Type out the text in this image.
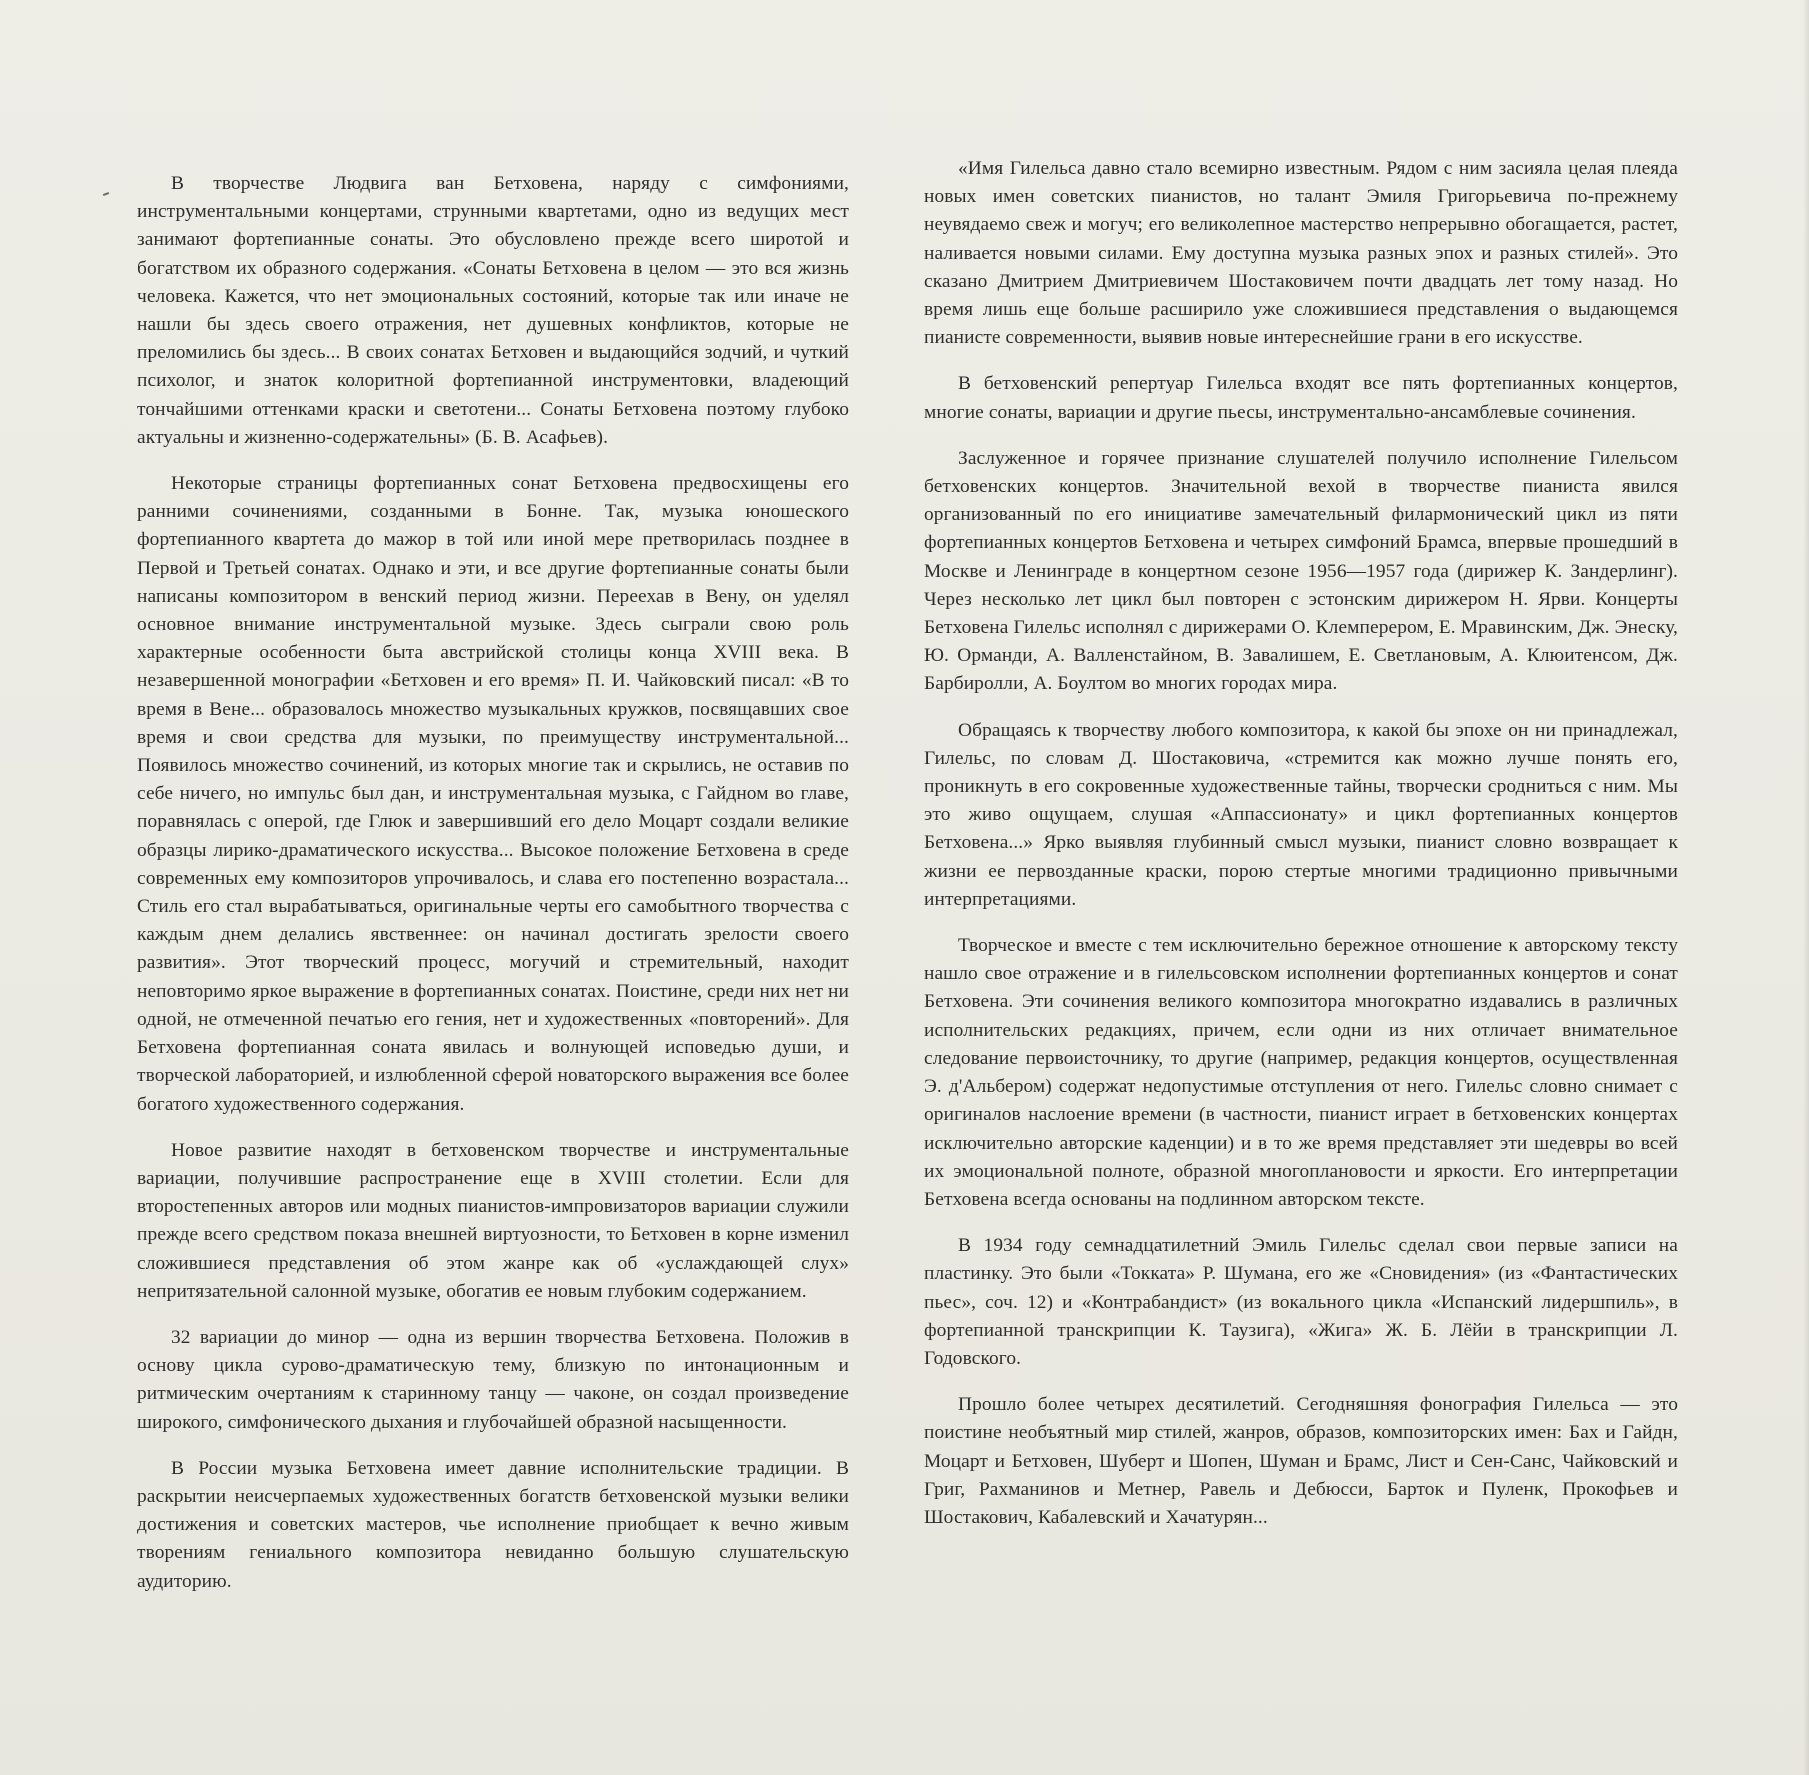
В творчестве Людвига ван Бетховена, наряду с симфониями, инструментальными концертами, струнными квартетами, одно из ведущих мест занимают фортепианные сонаты. Это обусловлено прежде всего широтой и богатством их образного содержания. «Сонаты Бетховена в целом — это вся жизнь человека. Кажется, что нет эмоциональных состояний, которые так или иначе не нашли бы здесь своего отражения, нет душевных конфликтов, которые не преломились бы здесь... В своих сонатах Бетховен и выдающийся зодчий, и чуткий психолог, и знаток колоритной фортепианной инструментовки, владеющий тончайшими оттенками краски и светотени... Сонаты Бетховена поэтому глубоко актуальны и жизненно-содержательны» (Б. В. Асафьев).

Некоторые страницы фортепианных сонат Бетховена предвосхищены его ранними сочинениями, созданными в Бонне. Так, музыка юношеского фортепианного квартета до мажор в той или иной мере претворилась позднее в Первой и Третьей сонатах. Однако и эти, и все другие фортепианные сонаты были написаны композитором в венский период жизни. Переехав в Вену, он уделял основное внимание инструментальной музыке. Здесь сыграли свою роль характерные особенности быта австрийской столицы конца XVIII века. В незавершенной монографии «Бетховен и его время» П. И. Чайковский писал: «В то время в Вене... образовалось множество музыкальных кружков, посвящавших свое время и свои средства для музыки, по преимуществу инструментальной... Появилось множество сочинений, из которых многие так и скрылись, не оставив по себе ничего, но импульс был дан, и инструментальная музыка, с Гайдном во главе, поравнялась с оперой, где Глюк и завершивший его дело Моцарт создали великие образцы лирико-драматического искусства... Высокое положение Бетховена в среде современных ему композиторов упрочивалось, и слава его постепенно возрастала... Стиль его стал вырабатываться, оригинальные черты его самобытного творчества с каждым днем делались явственнее: он начинал достигать зрелости своего развития». Этот творческий процесс, могучий и стремительный, находит неповторимо яркое выражение в фортепианных сонатах. Поистине, среди них нет ни одной, не отмеченной печатью его гения, нет и художественных «повторений». Для Бетховена фортепианная соната явилась и волнующей исповедью души, и творческой лабораторией, и излюбленной сферой новаторского выражения все более богатого художественного содержания.

Новое развитие находят в бетховенском творчестве и инструментальные вариации, получившие распространение еще в XVIII столетии. Если для второстепенных авторов или модных пианистов-импровизаторов вариации служили прежде всего средством показа внешней виртуозности, то Бетховен в корне изменил сложившиеся представления об этом жанре как об «услаждающей слух» непритязательной салонной музыке, обогатив ее новым глубоким содержанием.

32 вариации до минор — одна из вершин творчества Бетховена. Положив в основу цикла сурово-драматическую тему, близкую по интонационным и ритмическим очертаниям к старинному танцу — чаконе, он создал произведение широкого, симфонического дыхания и глубочайшей образной насыщенности.

В России музыка Бетховена имеет давние исполнительские традиции. В раскрытии неисчерпаемых художественных богатств бетховенской музыки велики достижения и советских мастеров, чье исполнение приобщает к вечно живым творениям гениального композитора невиданно большую слушательскую аудиторию.

«Имя Гилельса давно стало всемирно известным. Рядом с ним засияла целая плеяда новых имен советских пианистов, но талант Эмиля Григорьевича по-прежнему неувядаемо свеж и могуч; его великолепное мастерство непрерывно обогащается, растет, наливается новыми силами. Ему доступна музыка разных эпох и разных стилей». Это сказано Дмитрием Дмитриевичем Шостаковичем почти двадцать лет тому назад. Но время лишь еще больше расширило уже сложившиеся представления о выдающемся пианисте современности, выявив новые интереснейшие грани в его искусстве.

В бетховенский репертуар Гилельса входят все пять фортепианных концертов, многие сонаты, вариации и другие пьесы, инструментально-ансамблевые сочинения.

Заслуженное и горячее признание слушателей получило исполнение Гилельсом бетховенских концертов. Значительной вехой в творчестве пианиста явился организованный по его инициативе замечательный филармонический цикл из пяти фортепианных концертов Бетховена и четырех симфоний Брамса, впервые прошедший в Москве и Ленинграде в концертном сезоне 1956—1957 года (дирижер К. Зандерлинг). Через несколько лет цикл был повторен с эстонским дирижером Н. Ярви. Концерты Бетховена Гилельс исполнял с дирижерами О. Клемперером, Е. Мравинским, Дж. Энеску, Ю. Орманди, А. Валленстайном, В. Завалишем, Е. Светлановым, А. Клюитенсом, Дж. Барбиролли, А. Боултом во многих городах мира.

Обращаясь к творчеству любого композитора, к какой бы эпохе он ни принадлежал, Гилельс, по словам Д. Шостаковича, «стремится как можно лучше понять его, проникнуть в его сокровенные художественные тайны, творчески сродниться с ним. Мы это живо ощущаем, слушая «Аппассионату» и цикл фортепианных концертов Бетховена...» Ярко выявляя глубинный смысл музыки, пианист словно возвращает к жизни ее первозданные краски, порою стертые многими традиционно привычными интерпретациями.

Творческое и вместе с тем исключительно бережное отношение к авторскому тексту нашло свое отражение и в гилельсовском исполнении фортепианных концертов и сонат Бетховена. Эти сочинения великого композитора многократно издавались в различных исполнительских редакциях, причем, если одни из них отличает внимательное следование первоисточнику, то другие (например, редакция концертов, осуществленная Э. д'Альбером) содержат недопустимые отступления от него. Гилельс словно снимает с оригиналов наслоение времени (в частности, пианист играет в бетховенских концертах исключительно авторские каденции) и в то же время представляет эти шедевры во всей их эмоциональной полноте, образной многоплановости и яркости. Его интерпретации Бетховена всегда основаны на подлинном авторском тексте.

В 1934 году семнадцатилетний Эмиль Гилельс сделал свои первые записи на пластинку. Это были «Токката» Р. Шумана, его же «Сновидения» (из «Фантастических пьес», соч. 12) и «Контрабандист» (из вокального цикла «Испанский лидершпиль», в фортепианной транскрипции К. Таузига), «Жига» Ж. Б. Лёйи в транскрипции Л. Годовского.

Прошло более четырех десятилетий. Сегодняшняя фонография Гилельса — это поистине необъятный мир стилей, жанров, образов, композиторских имен: Бах и Гайдн, Моцарт и Бетховен, Шуберт и Шопен, Шуман и Брамс, Лист и Сен-Санс, Чайковский и Григ, Рахманинов и Метнер, Равель и Дебюсси, Барток и Пуленк, Прокофьев и Шостакович, Кабалевский и Хачатурян...
